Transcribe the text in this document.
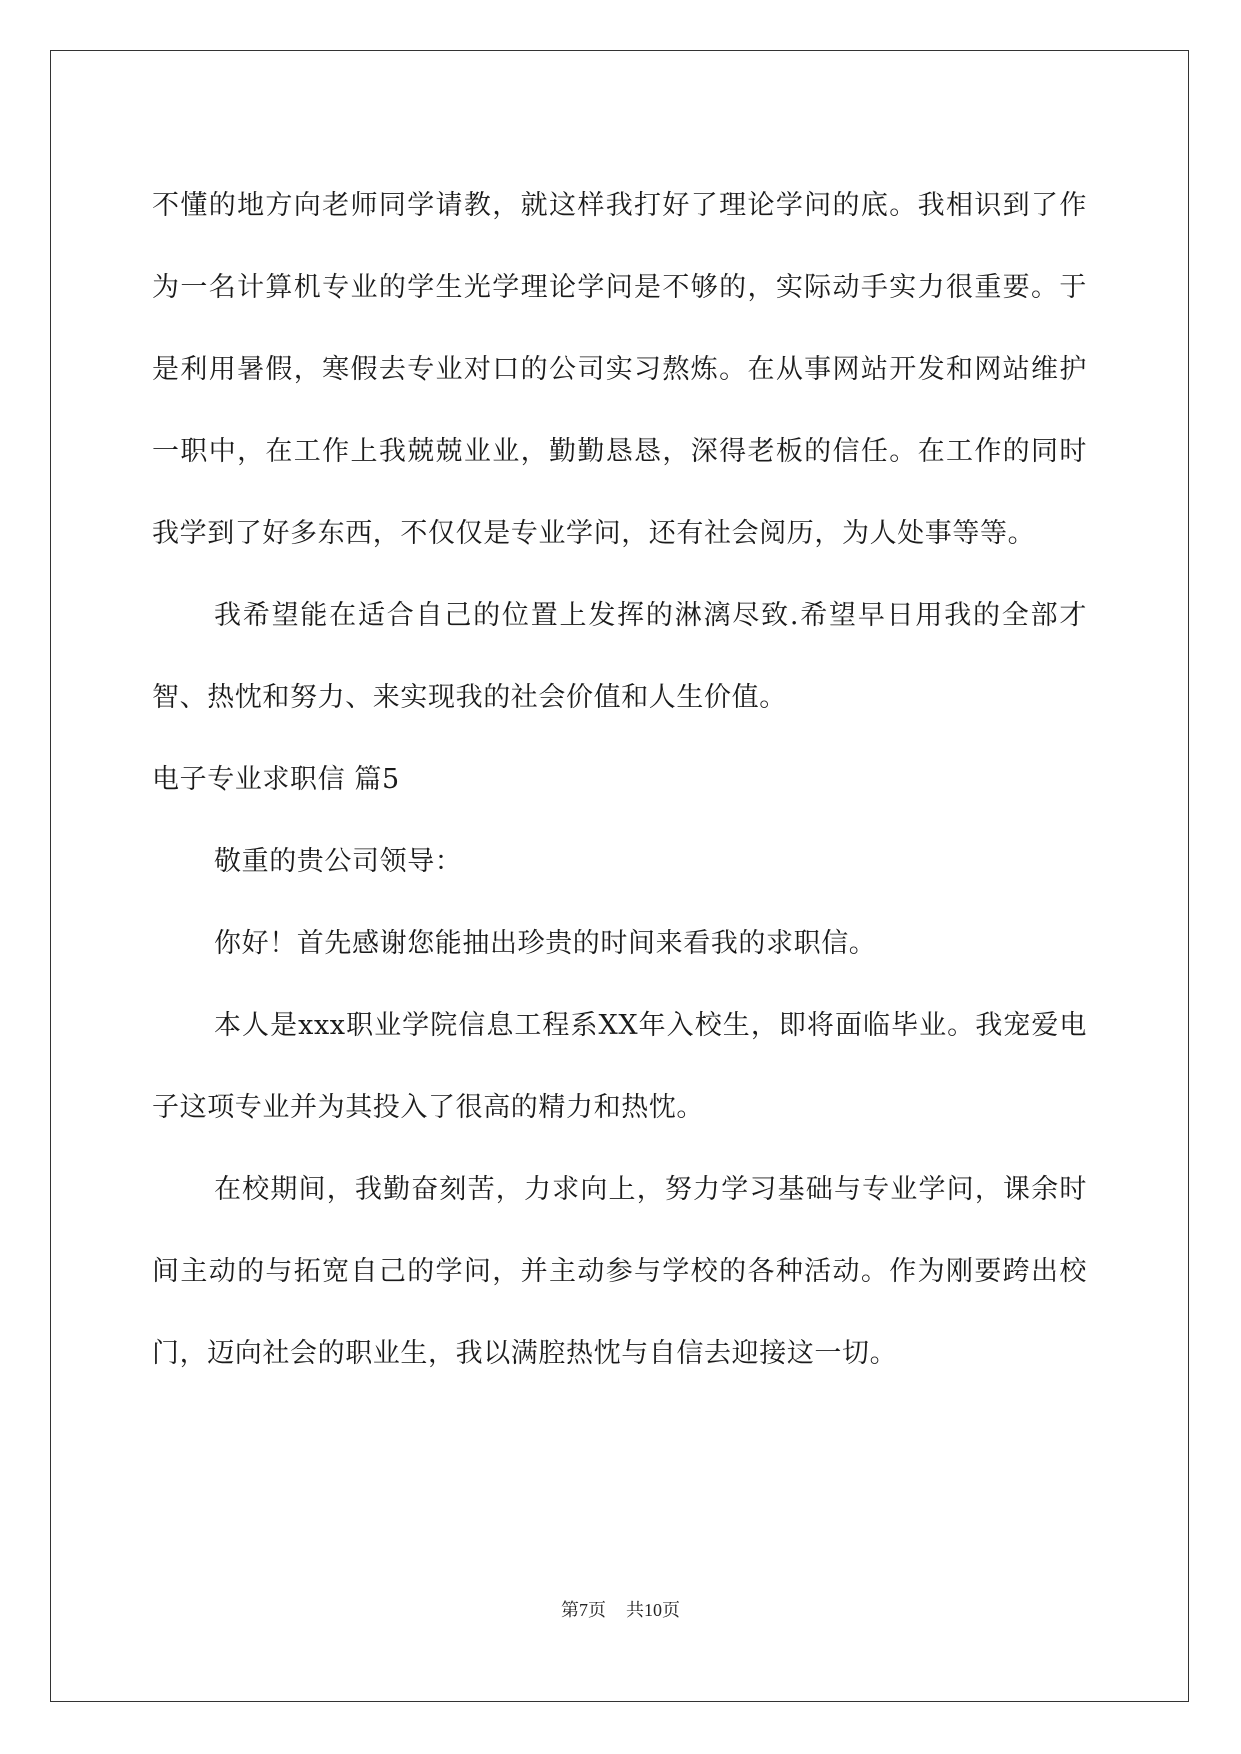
不懂的地方向老师同学请教，就这样我打好了理论学问的底。我相识到了作为一名计算机专业的学生光学理论学问是不够的，实际动手实力很重要。于是利用暑假，寒假去专业对口的公司实习熬炼。在从事网站开发和网站维护一职中，在工作上我兢兢业业，勤勤恳恳，深得老板的信任。在工作的同时我学到了好多东西，不仅仅是专业学问，还有社会阅历，为人处事等等。

我希望能在适合自己的位置上发挥的淋漓尽致.希望早日用我的全部才智、热忱和努力、来实现我的社会价值和人生价值。

电子专业求职信 篇5

敬重的贵公司领导：

你好！首先感谢您能抽出珍贵的时间来看我的求职信。

本人是xxx职业学院信息工程系XX年入校生，即将面临毕业。我宠爱电子这项专业并为其投入了很高的精力和热忱。

在校期间，我勤奋刻苦，力求向上，努力学习基础与专业学问，课余时间主动的与拓宽自己的学问，并主动参与学校的各种活动。作为刚要跨出校门，迈向社会的职业生，我以满腔热忱与自信去迎接这一切。

第7页 共10页
